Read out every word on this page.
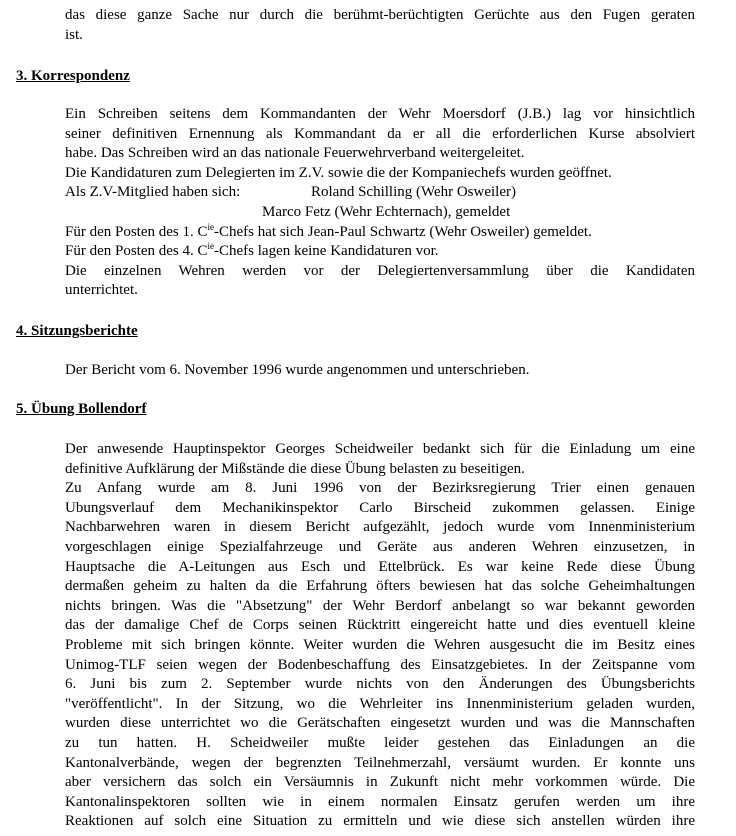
das diese ganze Sache nur durch die berühmt-berüchtigten Gerüchte aus den Fugen geraten
ist.
3. Korrespondenz
Ein Schreiben seitens dem Kommandanten der Wehr Moersdorf (J.B.) lag vor hinsichtlich
seiner definitiven Ernennung als Kommandant da er all die erforderlichen Kurse absolviert
habe. Das Schreiben wird an das nationale Feuerwehrverband weitergeleitet.
Die Kandidaturen zum Delegierten im Z.V. sowie die der Kompaniechefs wurden geöffnet.
Als Z.V-Mitglied haben sich:	Roland Schilling (Wehr Osweiler)
Marco Fetz (Wehr Echternach), gemeldet
Für den Posten des 1. $C^{ie}$-Chefs hat sich Jean-Paul Schwartz (Wehr Osweiler) gemeldet.
Für den Posten des 4. $C^{ie}$-Chefs lagen keine Kandidaturen vor.
Die einzelnen Wehren werden vor der Delegiertenversammlung über die Kandidaten
unterrichtet.
4. Sitzungsberichte
Der Bericht vom 6. November 1996 wurde angenommen und unterschrieben.
5. Übung Bollendorf
Der anwesende Hauptinspektor Georges Scheidweiler bedankt sich für die Einladung um eine
definitive Aufklärung der Mißstände die diese Übung belasten zu beseitigen.
Zu Anfang wurde am 8. Juni 1996 von der Bezirksregierung Trier einen genauen
Ubungsverlauf dem Mechanikinspektor Carlo Birscheid zukommen gelassen. Einige
Nachbarwehren waren in diesem Bericht aufgezählt, jedoch wurde vom Innenministerium
vorgeschlagen einige Spezialfahrzeuge und Geräte aus anderen Wehren einzusetzen, in
Hauptsache die A-Leitungen aus Esch und Ettelbrück. Es war keine Rede diese Übung
dermaßen geheim zu halten da die Erfahrung öfters bewiesen hat das solche Geheimhaltungen
nichts bringen. Was die "Absetzung" der Wehr Berdorf anbelangt so war bekannt geworden
das der damalige Chef de Corps seinen Rücktritt eingereicht hatte und dies eventuell kleine
Probleme mit sich bringen könnte. Weiter wurden die Wehren ausgesucht die im Besitz eines
Unimog-TLF seien wegen der Bodenbeschaffung des Einsatzgebietes. In der Zeitspanne vom
6. Juni bis zum 2. September wurde nichts von den Änderungen des Übungsberichts
"veröffentlicht". In der Sitzung, wo die Wehrleiter ins Innenministerium geladen wurden,
wurden diese unterrichtet wo die Gerätschaften eingesetzt wurden und was die Mannschaften
zu tun hatten. H. Scheidweiler mußte leider gestehen das Einladungen an die
Kantonalverbände, wegen der begrenzten Teilnehmerzahl, versäumt wurden. Er konnte uns
aber versichern das solch ein Versäumnis in Zukunft nicht mehr vorkommen würde. Die
Kantonalinspektoren sollten wie in einem normalen Einsatz gerufen werden um ihre
Reaktionen auf solch eine Situation zu ermitteln und wie diese sich anstellen würden ihre
